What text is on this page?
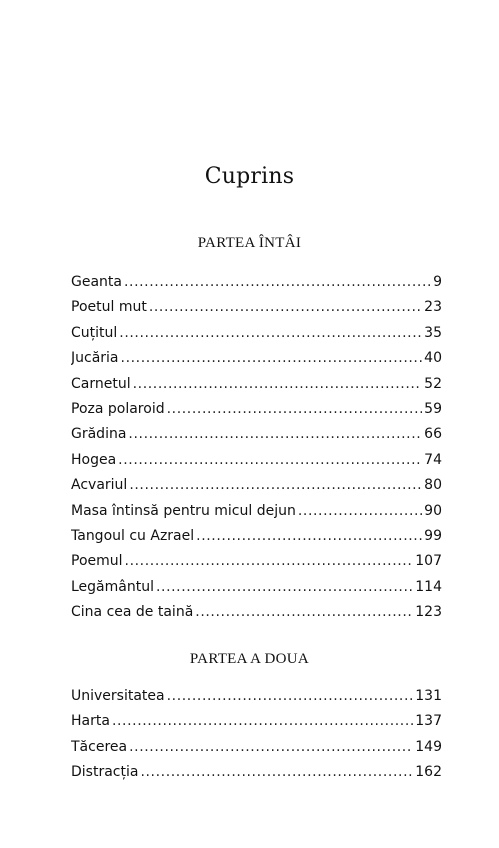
Cuprins
PARTEA ÎNTÂI
Geanta .....	9
Poetul mut .....	23
Cuțitul .....	35
Jucăria .....	40
Carnetul .....	52
Poza polaroid .....	59
Grădina .....	66
Hogea .....	74
Acvariul .....	80
Masa întinsă pentru micul dejun .....	90
Tangoul cu Azrael .....	99
Poemul .....	107
Legământul .....	114
Cina cea de taină .....	123
PARTEA A DOUA
Universitatea .....	131
Harta .....	137
Tăcerea .....	149
Distracția .....	162
